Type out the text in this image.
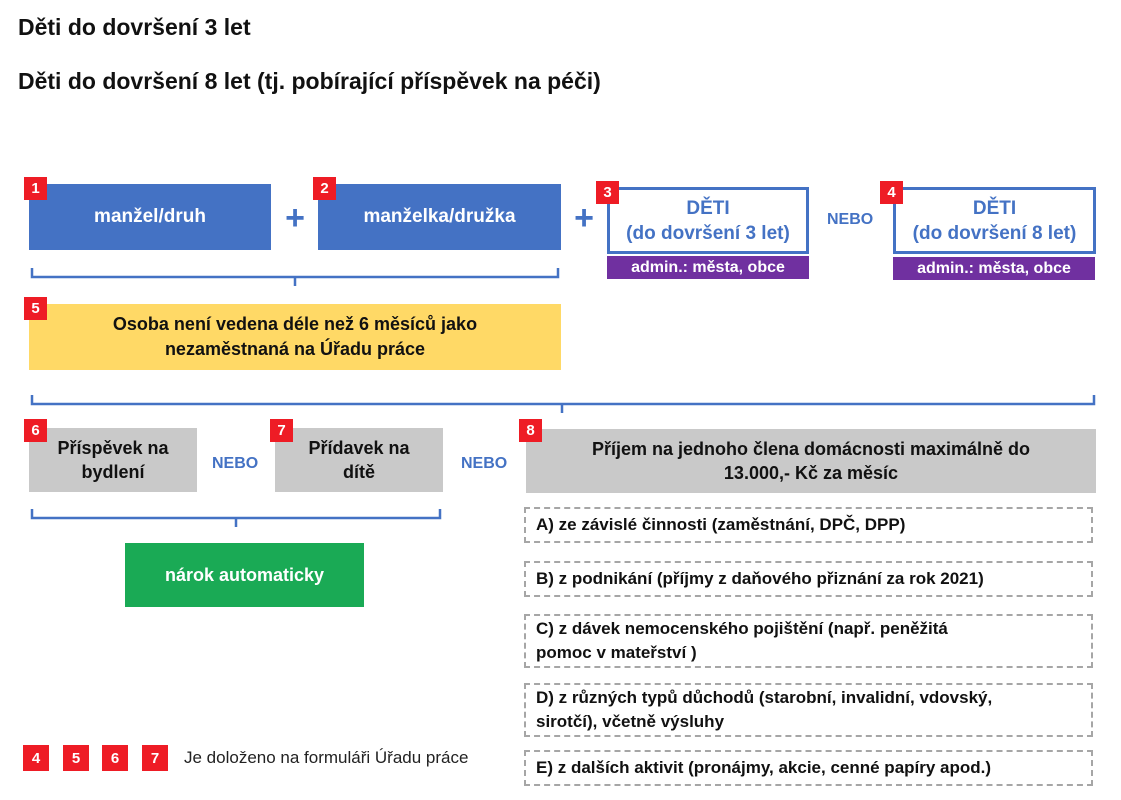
Děti do dovršení 3 let
Děti do dovršení 8 let (tj. pobírající příspěvek na péči)
1
manžel/druh	+
2
manželka/družka	+
3
DĚTI
(do dovršení 3 let)
admin.: města, obce
NEBO
4
DĚTI
(do dovršení 8 let)
admin.: města, obce
5
Osoba není vedena déle než 6 měsíců jako
nezaměstnaná na Úřadu práce
6
Příspěvek na
bydlení	NEBO
7
Přídavek na
dítě	NEBO
8
Příjem na jednoho člena domácnosti maximálně do
13.000,- Kč za měsíc
nárok automaticky
A) ze závislé činnosti (zaměstnání, DPČ, DPP)
B) z podnikání (příjmy z daňového přiznání za rok 2021)
C) z dávek nemocenského pojištění (např. peněžitá
pomoc v mateřství )
D) z různých typů důchodů (starobní, invalidní, vdovský,
sirotčí), včetně výsluhy
E) z dalších aktivit (pronájmy, akcie, cenné papíry apod.)
4	5	6	7	Je doloženo na formuláři Úřadu práce
